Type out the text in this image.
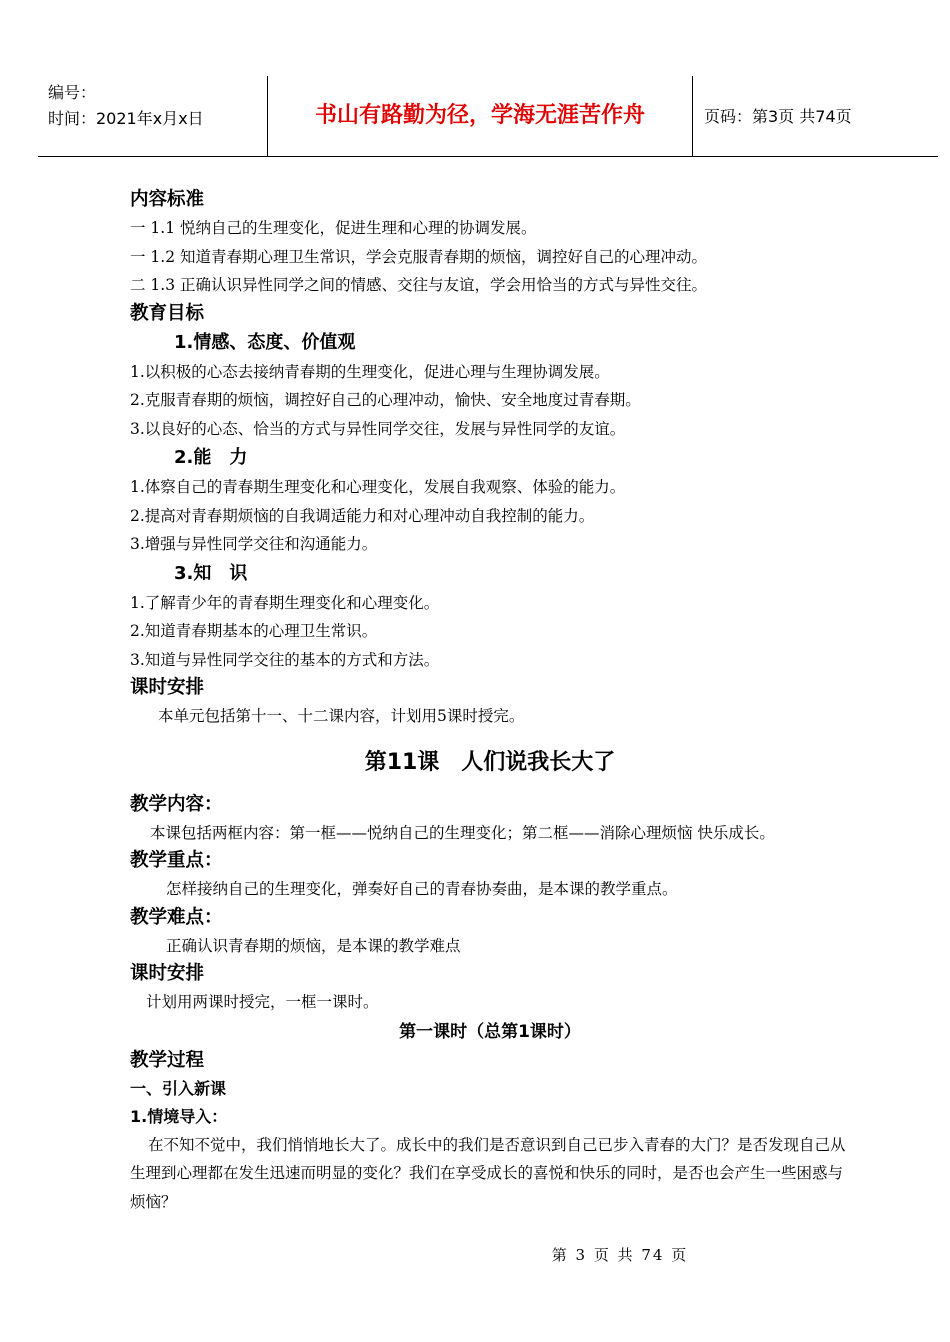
编号：
时间：2021年x月x日	书山有路勤为径，学海无涯苦作舟	页码：第3页 共74页
内容标准
一 1.1 悦纳自己的生理变化，促进生理和心理的协调发展。
一 1.2 知道青春期心理卫生常识，学会克服青春期的烦恼，调控好自己的心理冲动。
二 1.3 正确认识异性同学之间的情感、交往与友谊，学会用恰当的方式与异性交往。
教育目标
1.情感、态度、价值观
1.以积极的心态去接纳青春期的生理变化，促进心理与生理协调发展。
2.克服青春期的烦恼，调控好自己的心理冲动，愉快、安全地度过青春期。
3.以良好的心态、恰当的方式与异性同学交往，发展与异性同学的友谊。
2.能　力
1.体察自己的青春期生理变化和心理变化，发展自我观察、体验的能力。
2.提高对青春期烦恼的自我调适能力和对心理冲动自我控制的能力。
3.增强与异性同学交往和沟通能力。
3.知　识
1.了解青少年的青春期生理变化和心理变化。
2.知道青春期基本的心理卫生常识。
3.知道与异性同学交往的基本的方式和方法。
课时安排
本单元包括第十一、十二课内容，计划用5课时授完。
第11课　人们说我长大了
教学内容：
本课包括两框内容：第一框——悦纳自己的生理变化；第二框——消除心理烦恼 快乐成长。
教学重点：
怎样接纳自己的生理变化，弹奏好自己的青春协奏曲，是本课的教学重点。
教学难点：
正确认识青春期的烦恼，是本课的教学难点
课时安排
计划用两课时授完，一框一课时。
第一课时（总第1课时）
教学过程
一、引入新课
1.情境导入：
在不知不觉中，我们悄悄地长大了。成长中的我们是否意识到自己已步入青春的大门？是否发现自己从生理到心理都在发生迅速而明显的变化？我们在享受成长的喜悦和快乐的同时，是否也会产生一些困惑与烦恼？
第 3 页 共 74 页
